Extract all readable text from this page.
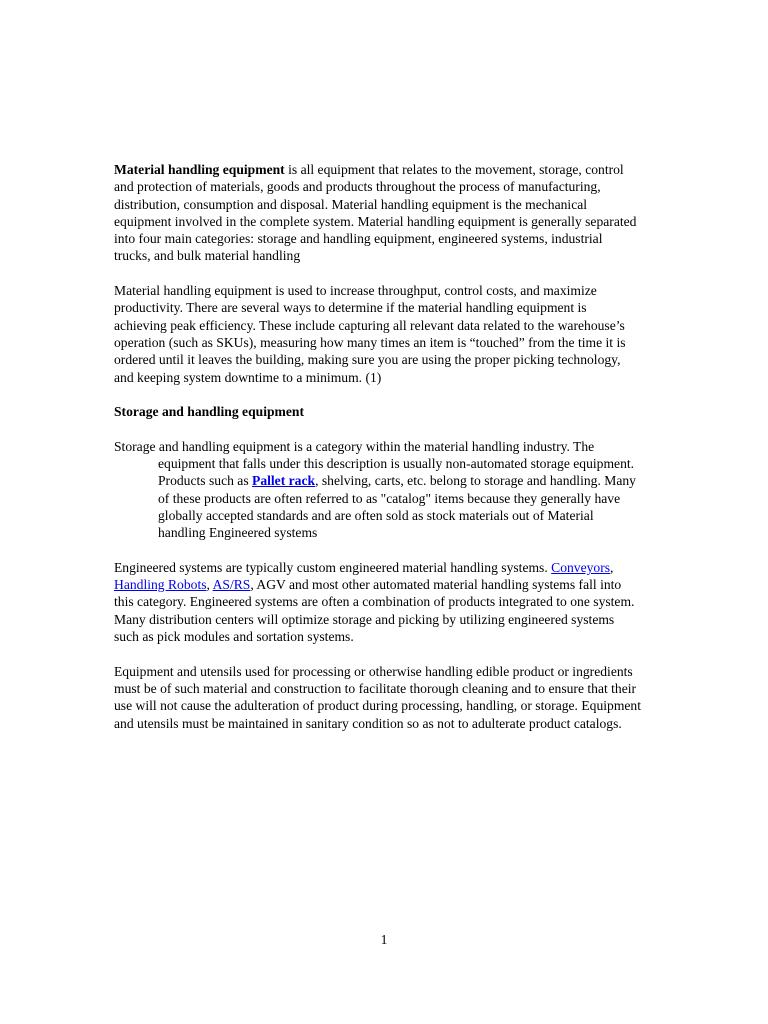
Material handling equipment is all equipment that relates to the movement, storage, control and protection of materials, goods and products throughout the process of manufacturing, distribution, consumption and disposal. Material handling equipment is the mechanical equipment involved in the complete system. Material handling equipment is generally separated into four main categories: storage and handling equipment, engineered systems, industrial trucks, and bulk material handling

Material handling equipment is used to increase throughput, control costs, and maximize productivity. There are several ways to determine if the material handling equipment is achieving peak efficiency. These include capturing all relevant data related to the warehouse’s operation (such as SKUs), measuring how many times an item is “touched” from the time it is ordered until it leaves the building, making sure you are using the proper picking technology, and keeping system downtime to a minimum. (1)

Storage and handling equipment

Storage and handling equipment is a category within the material handling industry. The equipment that falls under this description is usually non-automated storage equipment. Products such as Pallet rack, shelving, carts, etc. belong to storage and handling. Many of these products are often referred to as "catalog" items because they generally have globally accepted standards and are often sold as stock materials out of Material handling Engineered systems

Engineered systems are typically custom engineered material handling systems. Conveyors, Handling Robots, AS/RS, AGV and most other automated material handling systems fall into this category. Engineered systems are often a combination of products integrated to one system. Many distribution centers will optimize storage and picking by utilizing engineered systems such as pick modules and sortation systems.

Equipment and utensils used for processing or otherwise handling edible product or ingredients must be of such material and construction to facilitate thorough cleaning and to ensure that their use will not cause the adulteration of product during processing, handling, or storage. Equipment and utensils must be maintained in sanitary condition so as not to adulterate product catalogs.

1
